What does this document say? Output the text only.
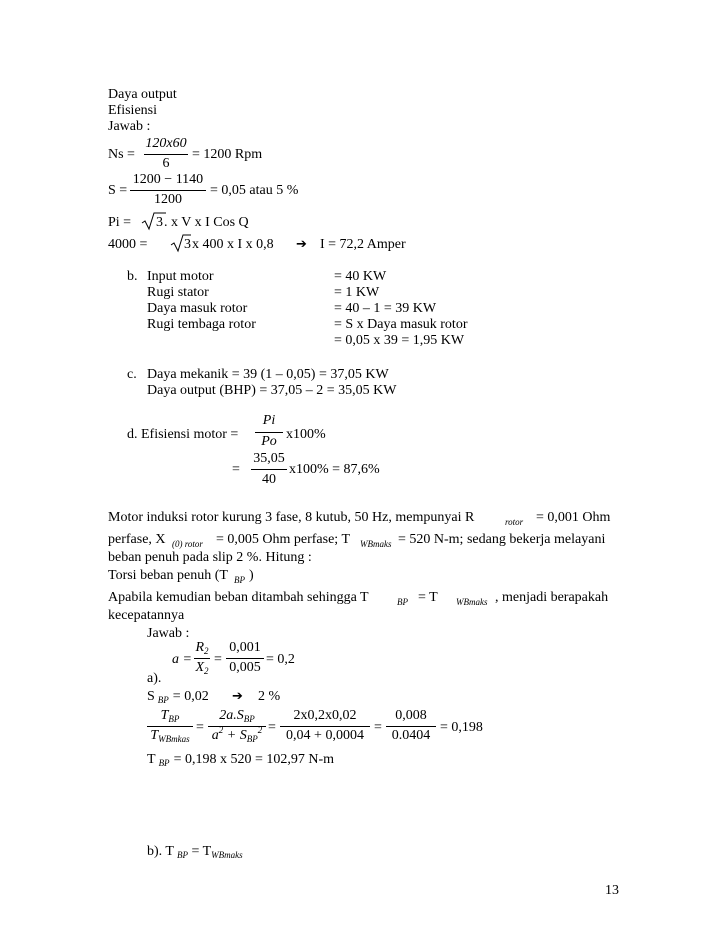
Daya output
Efisiensi
Jawab :
Ns =
120x60
6
= 1200 Rpm
S =
1200 − 1140
1200
= 0,05 atau 5 %
Pi = 3 . x V x I Cos Q
4000 =	3 x 400 x I x 0,8 ➔ I = 72,2 Amper
b. Input motor	= 40 KW
Rugi stator	= 1 KW
Daya masuk rotor	= 40 – 1 = 39 KW
Rugi tembaga rotor	= S x Daya masuk rotor
= 0,05 x 39 = 1,95 KW
c. Daya mekanik = 39 (1 – 0,05) = 37,05 KW
Daya output (BHP) = 37,05 – 2 = 35,05 KW
d. Efisiensi motor =
Pi
Po x100%
=
35,05
40
x100% = 87,6%
Motor induksi rotor kurung 3 fase, 8 kutub, 50 Hz, mempunyai R	rotor = 0,001 Ohm
perfase, X (0) rotor = 0,005 Ohm perfase; T WBmaks = 520 N-m; sedang bekerja melayani
beban penuh pada slip 2 %. Hitung :
Torsi beban penuh (T BP )
Apabila kemudian beban ditambah sehingga T	BP = T WBmaks , menjadi berapakah
kecepatannya
Jawab :
a =
$R_2$
$X_2$
=
0,001
0,005
= 0,2
a).
S $_{BP}$ = 0,02 ➔ 2 %
$T_{BP}$
$T_{WBmkas}$
=
$2a.S_{BP}$
$a^2 + S_{BP}^2$ =
2x0,2x0,02
0,04 + 0,0004
=
0,008
0.0404
= 0,198
T $_{BP}$ = 0,198 x 520 = 102,97 N-m
b). T $_{BP} = T_{WBmaks}$
13
